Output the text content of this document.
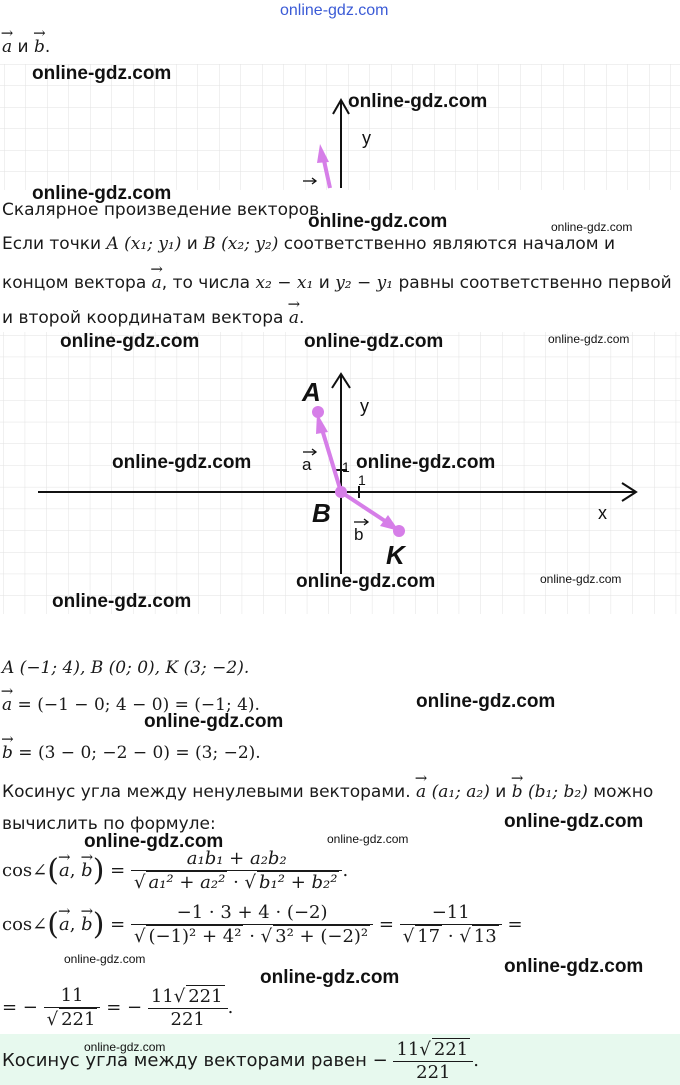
online-gdz.com
→ a и → b.
y
Скалярное произведение векторов.
Если точки A (x₁; y₁) и B (x₂; y₂) соответственно являются началом и
концом вектора → a, то числа x₂ − x₁ и y₂ − y₁ равны соответственно первой
и второй координатам вектора → a.
x
y
1
1
A
B
K
a
b
A (−1; 4), B (0; 0), K (3; −2).
→ a = (−1 − 0; 4 − 0) = (−1; 4).
→ b = (3 − 0; −2 − 0) = (3; −2).
Косинус угла между ненулевыми векторами. → a (a₁; a₂) и → b (b₁; b₂) можно
вычислить по формуле:
cos∠(→ a, → $b) = \frac{\text{a₁b₁ + a₂b₂}}{\text{√ a₁² + a₂² · √ b₁² + b₂²}}$ .
cos∠(→ a, → $b) = \frac{-1 \cdot 3 + 4 \cdot (-2)}{\text{√ (−1)² + 4² · √ 3² + (−2)²}} = \frac{-11}{√ 17 \cdot √ 13}$ =
= − $\frac{11}{√ 221}$ = − $\frac{11√ 221}{221}$ .
Косинус угла между векторами равен − $\frac{11√ 221}{221}$ .
online-gdz.com
online-gdz.com
online-gdz.com
online-gdz.com	online-gdz.com
online-gdz.com	online-gdz.com	online-gdz.com
online-gdz.com	online-gdz.com
online-gdz.com	online-gdz.com
online-gdz.com
online-gdz.com
online-gdz.com
online-gdz.com
online-gdz.com
online-gdz.com
online-gdz.com	online-gdz.com
online-gdz.com
online-gdz.com
